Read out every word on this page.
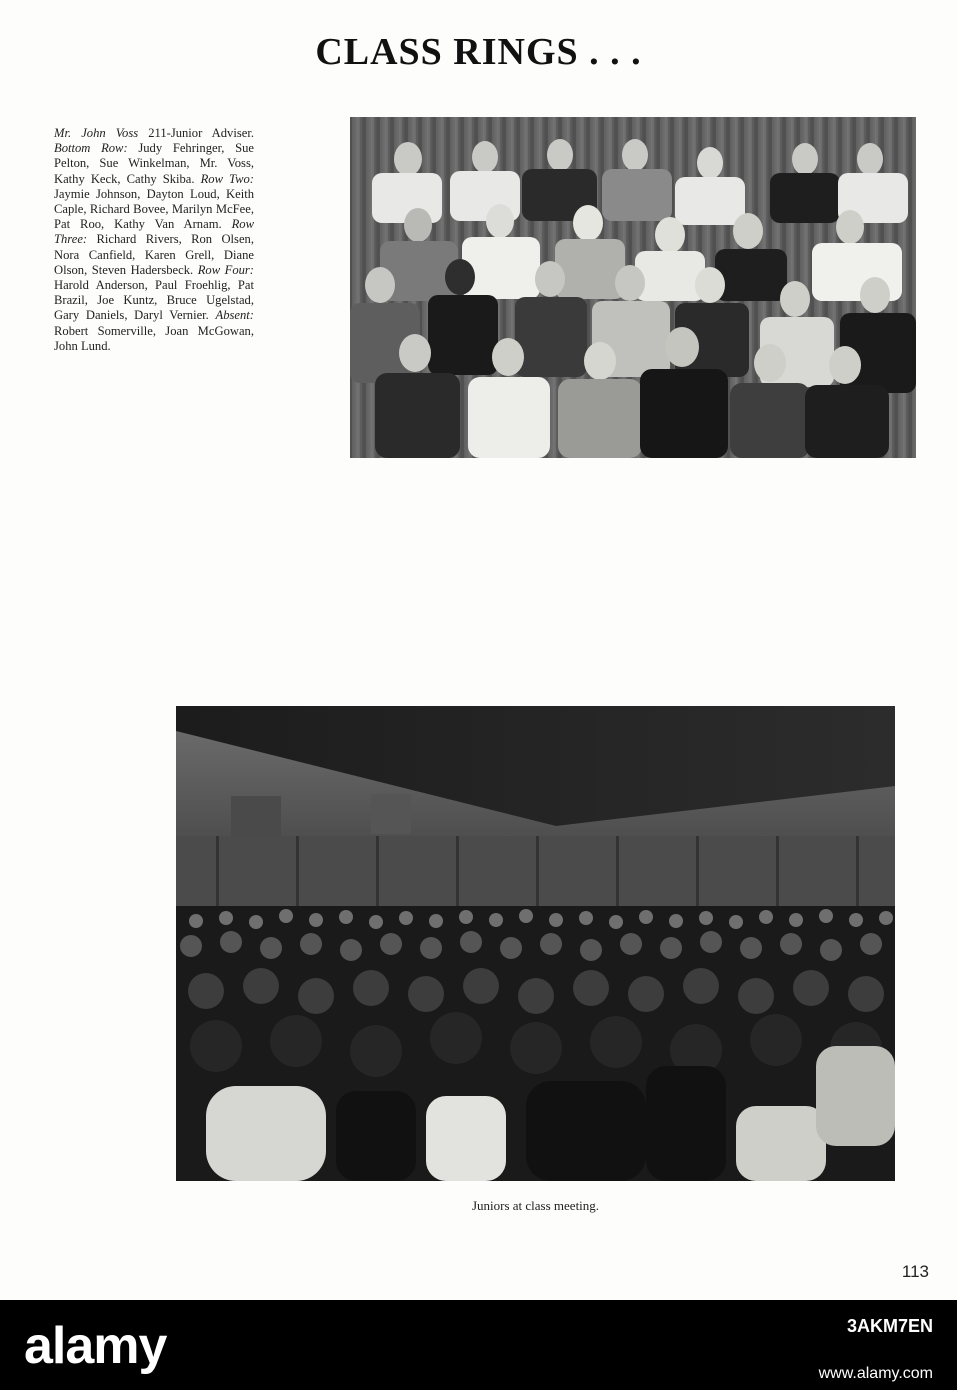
CLASS RINGS . . .
Mr. John Voss 211-Junior Adviser. Bottom Row: Judy Fehringer, Sue Pelton, Sue Winkelman, Mr. Voss, Kathy Keck, Cathy Skiba. Row Two: Jaymie Johnson, Dayton Loud, Keith Caple, Richard Bovee, Marilyn McFee, Pat Roo, Kathy Van Arnam. Row Three: Richard Rivers, Ron Olsen, Nora Canfield, Karen Grell, Diane Olson, Steven Hadersbeck. Row Four: Harold Anderson, Paul Froehlig, Pat Brazil, Joe Kuntz, Bruce Ugelstad, Gary Daniels, Daryl Vernier. Absent: Robert Somerville, Joan McGowan, John Lund.
Juniors at class meeting.
113
alamy	3AKM7EN
www.alamy.com
